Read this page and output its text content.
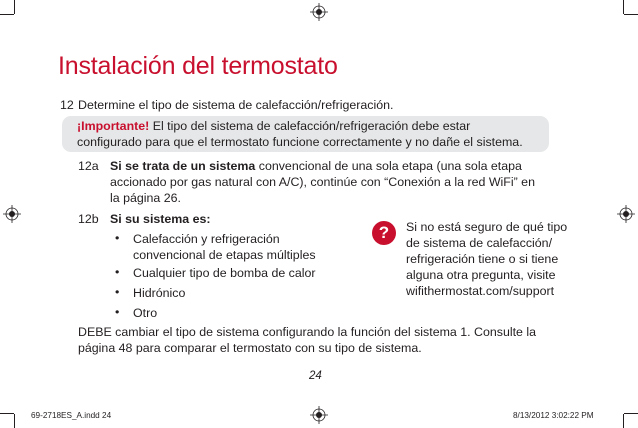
Instalación del termostato
12 Determine el tipo de sistema de calefacción/refrigeración.
¡Importante! El tipo del sistema de calefacción/refrigeración debe estar
configurado para que el termostato funcione correctamente y no dañe el sistema.
12a Si se trata de un sistema convencional de una sola etapa (una sola etapa
accionado por gas natural con A/C), continúe con “Conexión a la red WiFi” en
la página 26.
12b Si su sistema es:
• Calefacción y refrigeración
convencional de etapas múltiples
• Cualquier tipo de bomba de calor
• Hidrónico
• Otro
?	Si no está seguro de qué tipo
de sistema de calefacción/
refrigeración tiene o si tiene
alguna otra pregunta, visite
wifithermostat.com/support
DEBE cambiar el tipo de sistema configurando la función del sistema 1. Consulte la
página 48 para comparar el termostato con su tipo de sistema.
24
69-2718ES_A.indd 24	8/13/2012 3:02:22 PM
